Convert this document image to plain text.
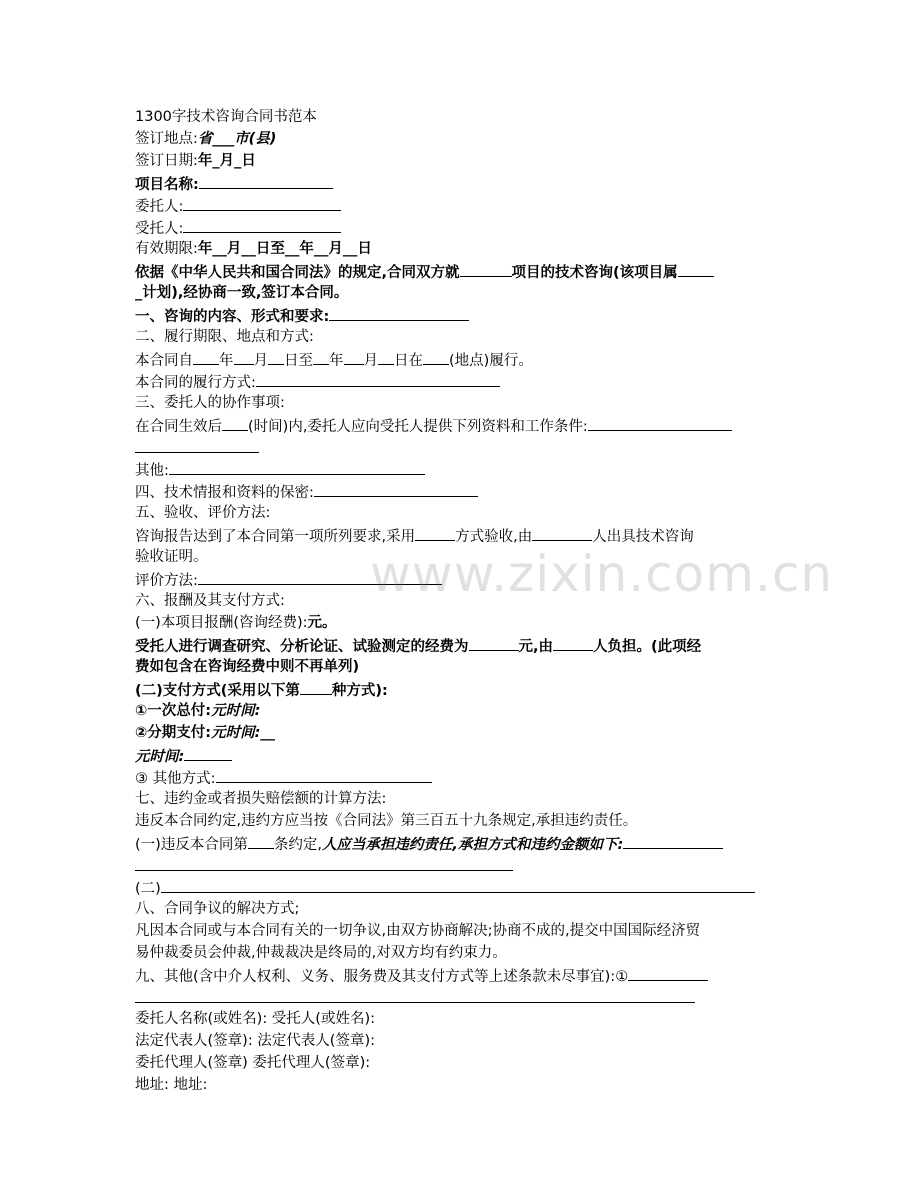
1300字技术咨询合同书范本
签订地点:省___市(县)
签订日期:年_月_日
项目名称:
委托人:
受托人:
有效期限:年__月__日至__年__月__日
依据《中华人民共和国合同法》的规定,合同双方就	项目的技术咨询(该项目属
_计划),经协商一致,签订本合同。
一、咨询的内容、形式和要求:
二、履行期限、地点和方式:
本合同自 年 月 日至 年 月 日在 (地点)履行。
本合同的履行方式:
三、委托人的协作事项:
在合同生效后 (时间)内,委托人应向受托人提供下列资料和工作条件:
其他:
四、技术情报和资料的保密:
五、验收、评价方法:
咨询报告达到了本合同第一项所列要求,采用	方式验收,由	人出具技术咨询
验收证明。
评价方法:
六、报酬及其支付方式:
(一)本项目报酬(咨询经费):元。
受托人进行调查研究、分析论证、试验测定的经费为	元,由	人负担。(此项经
费如包含在咨询经费中则不再单列)
(二)支付方式(采用以下第 种方式):
①一次总付:元时间:
②分期支付:元时间:__
元时间:
③ 其他方式:
七、违约金或者损失赔偿额的计算方法:
违反本合同约定,违约方应当按《合同法》第三百五十九条规定,承担违约责任。
(一)违反本合同第 条约定,人应当承担违约责任,承担方式和违约金额如下:
(二)
八、合同争议的解决方式;
凡因本合同或与本合同有关的一切争议,由双方协商解决;协商不成的,提交中国国际经济贸
易仲裁委员会仲裁,仲裁裁决是终局的,对双方均有约束力。
九、其他(含中介人权利、义务、服务费及其支付方式等上述条款未尽事宜):①
委托人名称(或姓名): 受托人(或姓名):
法定代表人(签章): 法定代表人(签章):
委托代理人(签章) 委托代理人(签章):
地址: 地址:
www.zixin.com.cn
